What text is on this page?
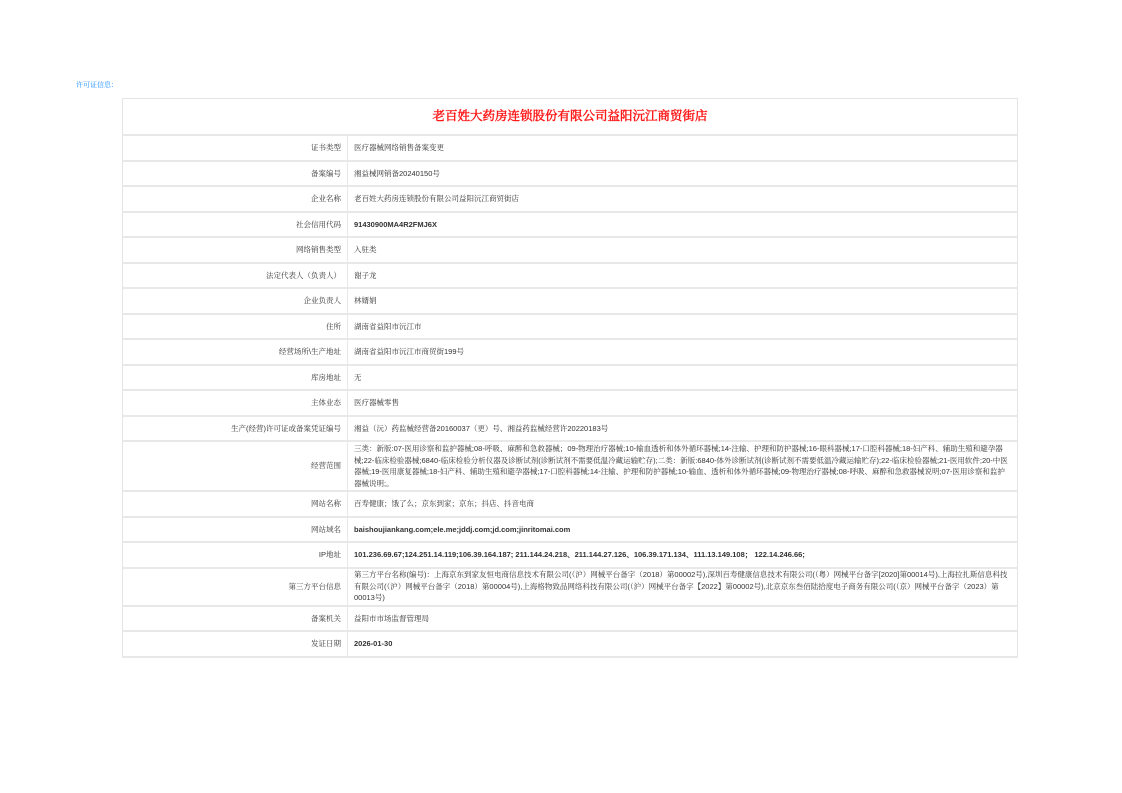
许可证信息：
老百姓大药房连锁股份有限公司益阳沅江商贸街店	
证书类型	医疗器械网络销售备案变更
备案编号	湘益械网销备20240150号
企业名称	老百姓大药房连锁股份有限公司益阳沅江商贸街店
社会信用代码	91430900MA4R2FMJ6X
网络销售类型	入驻类
法定代表人（负责人）	谢子龙
企业负责人	林婿娟
住所	湖南省益阳市沅江市
经营场所\生产地址	湖南省益阳市沅江市商贸街199号
库房地址	无
主体业态	医疗器械零售
生产(经营)许可证或备案凭证编号	湘益（沅）药监械经营备20160037（更）号、湘益药监械经营许20220183号
经营范围	三类：新版:07-医用诊察和监护器械;08-呼吸、麻醉和急救器械；09-物理治疗器械;10-输血透析和体外循环器械;14-注输、护理和防护器械;16-眼科器械;17-口腔科器械;18-妇产科、辅助生殖和避孕器械;22-临床检验器械;6840-临床检验分析仪器及诊断试剂(诊断试剂不需要低温冷藏运输贮存);二类：新版:6840-体外诊断试剂(诊断试剂不需要低温冷藏运输贮存);22-临床检验器械;21-医用软件;20-中医器械;19-医用康复器械;18-妇产科、辅助生殖和避孕器械;17-口腔科器械;14-注输、护理和防护器械;10-输血、透析和体外循环器械;09-物理治疗器械;08-呼吸、麻醉和急救器械说明;07-医用诊察和监护器械说明;。
网站名称	百寿健康；饿了么；京东到家；京东；抖店、抖音电商
网站域名	baishoujiankang.com;ele.me;jddj.com;jd.com;jinritomai.com
IP地址	101.236.69.67;124.251.14.119;106.39.164.187; 211.144.24.218、211.144.27.126、106.39.171.134、111.13.149.108； 122.14.246.66;
第三方平台信息	第三方平台名称(编号)：上海京东到家友恒电商信息技术有限公司(（沪）网械平台备字（2018）第00002号),深圳百寿健康信息技术有限公司(（粤）网械平台备字[2020]第00014号),上海拉扎斯信息科技有限公司(（沪）网械平台备字（2018）第00004号),上海格物致品网络科技有限公司(（沪）网械平台备字【2022】第00002号),北京京东叁佰陆拾度电子商务有限公司(（京）网械平台备字（2023）第00013号)
备案机关	益阳市市场监督管理局
发证日期	2026-01-30
